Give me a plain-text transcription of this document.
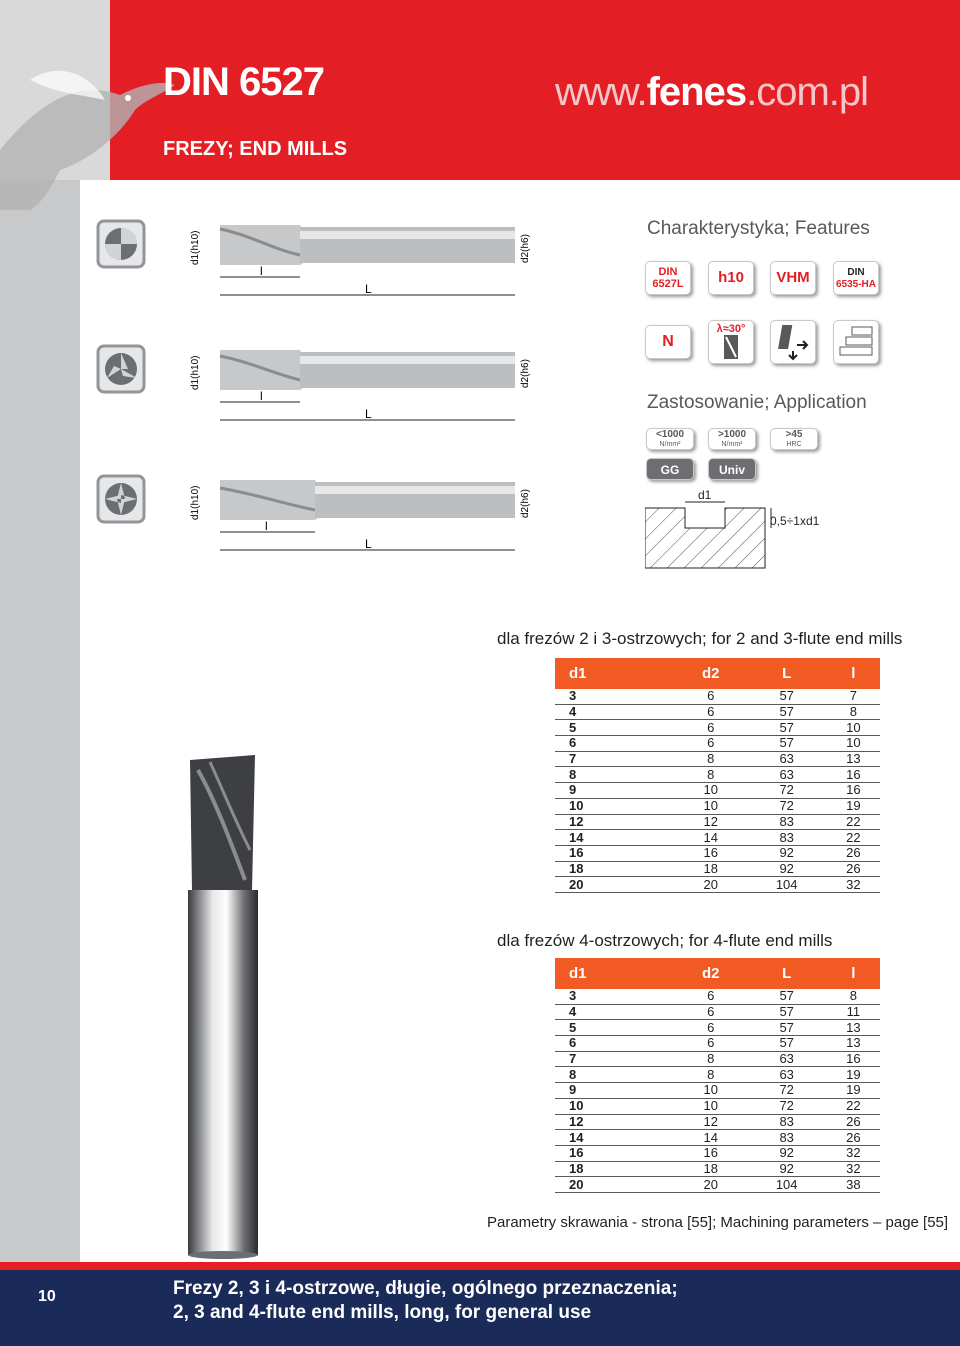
DIN 6527
FREZY; END MILLS
www.fenes.com.pl
d1(h10)	d2(h6)
l
L
d1(h10)	d2(h6)
l
L
d1(h10)	d2(h6)
l
L
Charakterystyka; Features
DIN
6527L	h10	VHM	DIN
6535-HA
N
λ≈30°
Zastosowanie; Application
<1000
N/mm²
>1000
N/mm²
>45
HRC
GG	Univ
d1
0,5÷1xd1
dla frezów 2 i 3-ostrzowych; for 2 and 3-flute end mills
d1	d2	L	l
3	6	57	7
4	6	57	8
5	6	57	10
6	6	57	10
7	8	63	13
8	8	63	16
9	10	72	16
10	10	72	19
12	12	83	22
14	14	83	22
16	16	92	26
18	18	92	26
20	20	104	32
dla frezów 4-ostrzowych; for 4-flute end mills
d1	d2	L	l
3	6	57	8
4	6	57	11
5	6	57	13
6	6	57	13
7	8	63	16
8	8	63	19
9	10	72	19
10	10	72	22
12	12	83	26
14	14	83	26
16	16	92	32
18	18	92	32
20	20	104	38
Parametry skrawania - strona [55]; Machining parameters – page [55]
10	Frezy 2, 3 i 4-ostrzowe, długie, ogólnego przeznaczenia;
2, 3 and 4-flute end mills, long, for general use
